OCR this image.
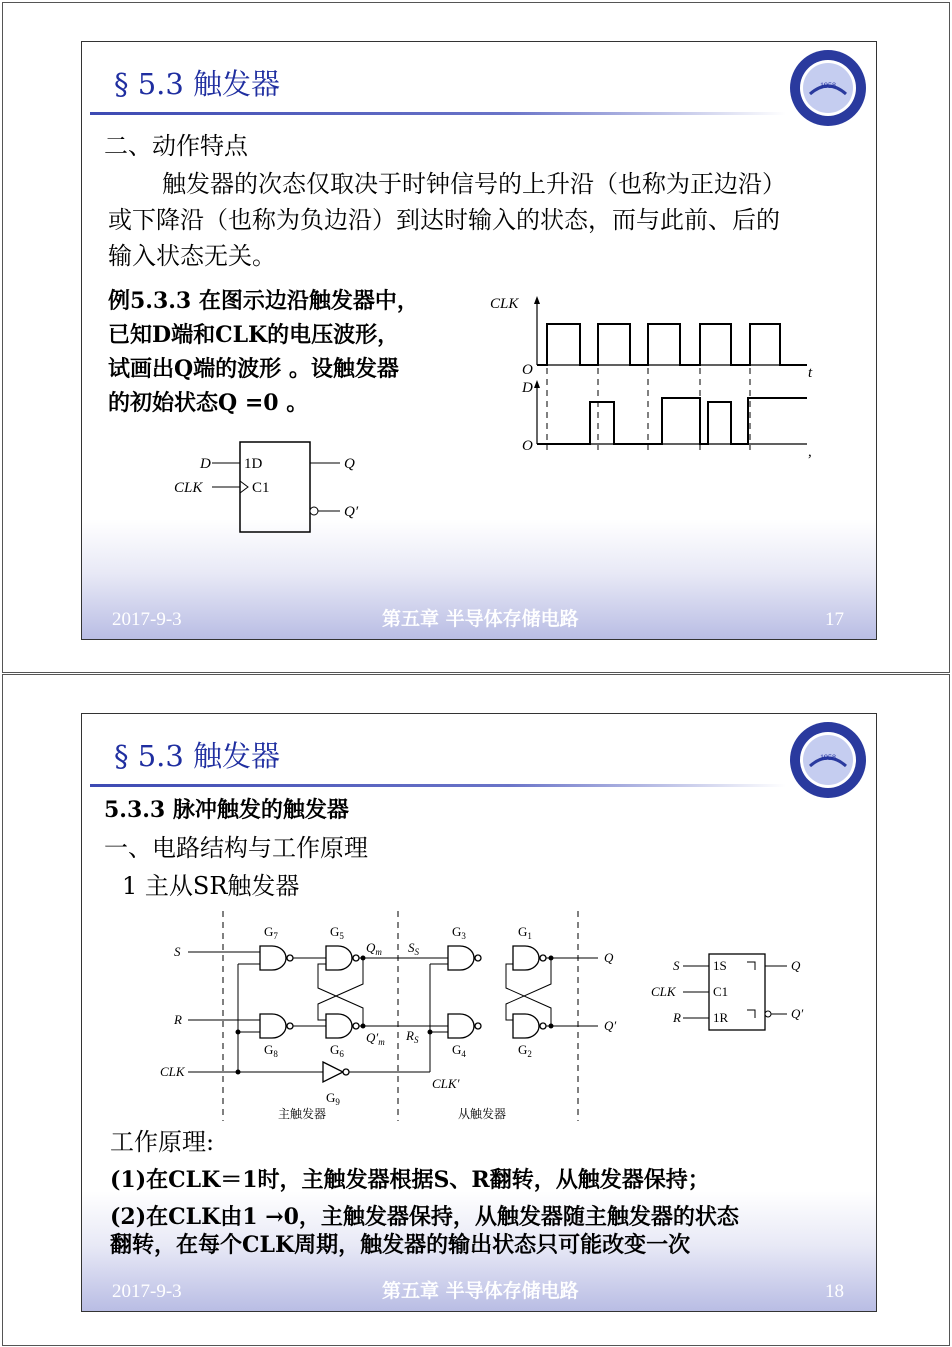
§ 5.3 触发器	1958
二、动作特点
触发器的次态仅取决于时钟信号的上升沿（也称为正边沿）
或下降沿（也称为负边沿）到达时输入的状态，而与此前、后的
输入状态无关。
例5.3.3 在图示边沿触发器中，
已知D端和CLK的电压波形，
试画出Q端的波形 。设触发器
的初始状态Q =0 。
D
CLK
1D
C1
Q
Q′
CLK
O	t
D
O	,
2017-9-3	第五章 半导体存储电路	17
§ 5.3 触发器	1958
5.3.3 脉冲触发的触发器
一、电路结构与工作原理
1 主从SR触发器
S
R
CLK
$G_7$	$G_5$
$G_8$	$G_6$
$G_3$	$G_1$
$G_4$	$G_2$
$G_9$
$Q_m$
$Q'_m$
$S_S$
$R_S$
CLK′
Q
Q′
主触发器	从触发器
S
CLK
R
1S
C1
1R
Q
Q′
工作原理:
(1)在CLK＝1时，主触发器根据S、R翻转，从触发器保持；
(2)在CLK由1 →0，主触发器保持，从触发器随主触发器的状态
翻转，在每个CLK周期，触发器的输出状态只可能改变一次
2017-9-3	第五章 半导体存储电路	18
